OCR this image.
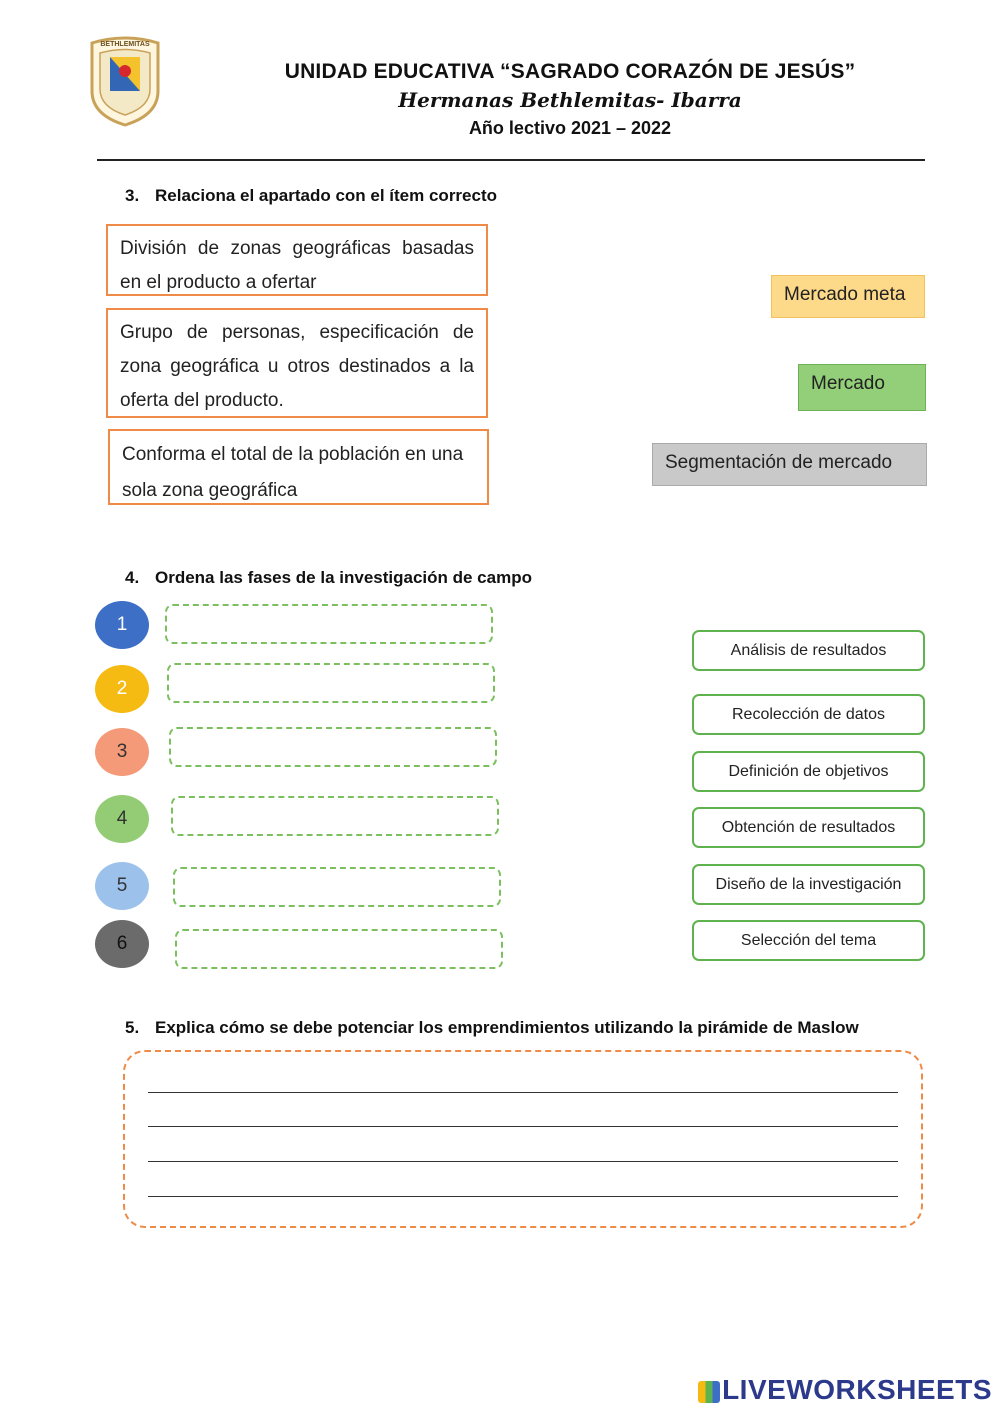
BETHLEMITAS
UNIDAD EDUCATIVA “SAGRADO CORAZÓN DE JESÚS”
Hermanas Bethlemitas- Ibarra
Año lectivo 2021 – 2022
3. Relaciona el apartado con el ítem correcto
División de zonas geográficas basadas en el producto a ofertar
Grupo de personas, especificación de zona geográfica u otros destinados a la oferta del producto.
Conforma el total de la población en una sola zona geográfica
Mercado meta
Mercado
Segmentación de mercado
4. Ordena las fases de la investigación de campo
1
2
3
4
5
6
Análisis de resultados
Recolección de datos
Definición de objetivos
Obtención de resultados
Diseño de la investigación
Selección del tema
5. Explica cómo se debe potenciar los emprendimientos utilizando la pirámide de Maslow
LIVEWORKSHEETS
